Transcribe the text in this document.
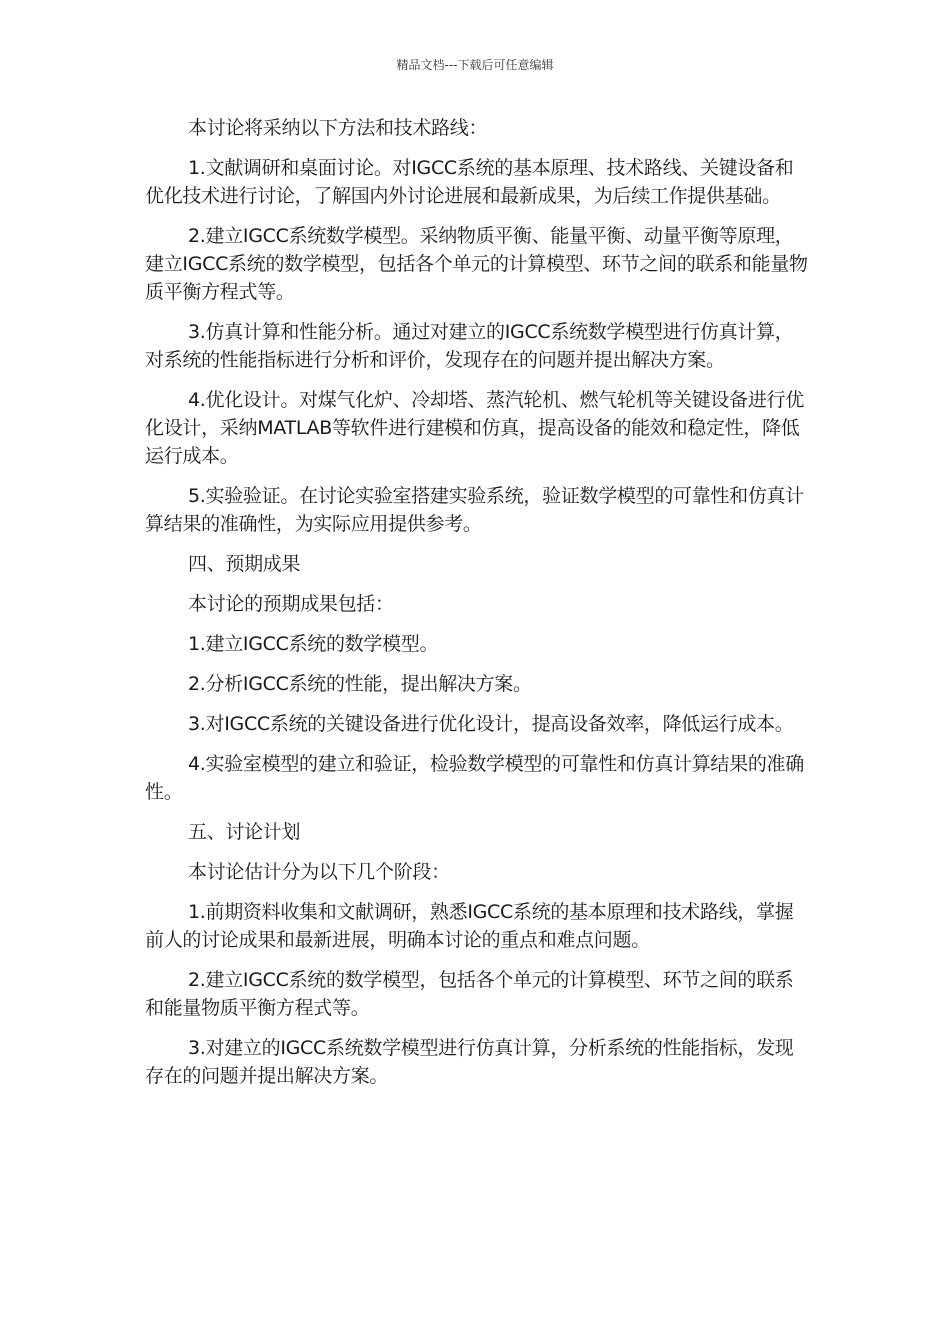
精品文档---下载后可任意编辑

本讨论将采纳以下方法和技术路线：

1.文献调研和桌面讨论。对IGCC系统的基本原理、技术路线、关键设备和优化技术进行讨论，了解国内外讨论进展和最新成果，为后续工作提供基础。

2.建立IGCC系统数学模型。采纳物质平衡、能量平衡、动量平衡等原理，建立IGCC系统的数学模型，包括各个单元的计算模型、环节之间的联系和能量物质平衡方程式等。

3.仿真计算和性能分析。通过对建立的IGCC系统数学模型进行仿真计算，对系统的性能指标进行分析和评价，发现存在的问题并提出解决方案。

4.优化设计。对煤气化炉、冷却塔、蒸汽轮机、燃气轮机等关键设备进行优化设计，采纳MATLAB等软件进行建模和仿真，提高设备的能效和稳定性，降低运行成本。

5.实验验证。在讨论实验室搭建实验系统，验证数学模型的可靠性和仿真计算结果的准确性，为实际应用提供参考。

四、预期成果

本讨论的预期成果包括：

1.建立IGCC系统的数学模型。

2.分析IGCC系统的性能，提出解决方案。

3.对IGCC系统的关键设备进行优化设计，提高设备效率，降低运行成本。

4.实验室模型的建立和验证，检验数学模型的可靠性和仿真计算结果的准确性。

五、讨论计划

本讨论估计分为以下几个阶段：

1.前期资料收集和文献调研，熟悉IGCC系统的基本原理和技术路线，掌握前人的讨论成果和最新进展，明确本讨论的重点和难点问题。

2.建立IGCC系统的数学模型，包括各个单元的计算模型、环节之间的联系和能量物质平衡方程式等。

3.对建立的IGCC系统数学模型进行仿真计算，分析系统的性能指标，发现存在的问题并提出解决方案。
